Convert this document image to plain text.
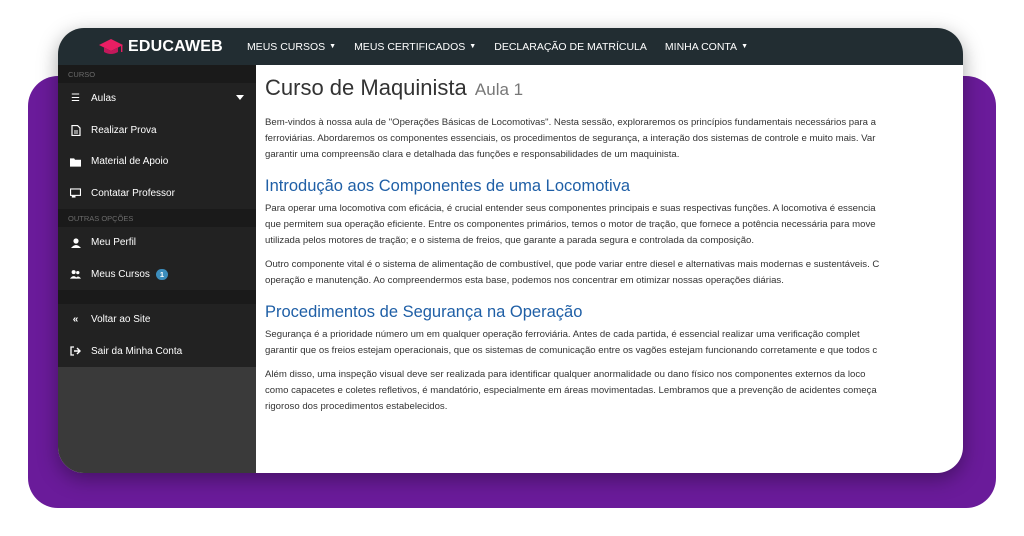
EDUCAWEB MEUS CURSOS ▼ MEUS CERTIFICADOS ▼ DECLARAÇÃO DE MATRÍCULA MINHA CONTA ▼
CURSO
☰ Aulas
Realizar Prova
Material de Apoio
Contatar Professor
OUTRAS OPÇÕES
Meu Perfil
Meus Cursos	1
« Voltar ao Site
Sair da Minha Conta
Curso de Maquinista Aula 1

Bem-vindos à nossa aula de "Operações Básicas de Locomotivas". Nesta sessão, exploraremos os princípios fundamentais necessários para a
ferroviárias. Abordaremos os componentes essenciais, os procedimentos de segurança, a interação dos sistemas de controle e muito mais. Var
garantir uma compreensão clara e detalhada das funções e responsabilidades de um maquinista.

Introdução aos Componentes de uma Locomotiva

Para operar uma locomotiva com eficácia, é crucial entender seus componentes principais e suas respectivas funções. A locomotiva é essencia
que permitem sua operação eficiente. Entre os componentes primários, temos o motor de tração, que fornece a potência necessária para move
utilizada pelos motores de tração; e o sistema de freios, que garante a parada segura e controlada da composição.

Outro componente vital é o sistema de alimentação de combustível, que pode variar entre diesel e alternativas mais modernas e sustentáveis. C
operação e manutenção. Ao compreendermos esta base, podemos nos concentrar em otimizar nossas operações diárias.

Procedimentos de Segurança na Operação

Segurança é a prioridade número um em qualquer operação ferroviária. Antes de cada partida, é essencial realizar uma verificação complet
garantir que os freios estejam operacionais, que os sistemas de comunicação entre os vagões estejam funcionando corretamente e que todos c

Além disso, uma inspeção visual deve ser realizada para identificar qualquer anormalidade ou dano físico nos componentes externos da loco
como capacetes e coletes refletivos, é mandatório, especialmente em áreas movimentadas. Lembramos que a prevenção de acidentes começa
rigoroso dos procedimentos estabelecidos.
